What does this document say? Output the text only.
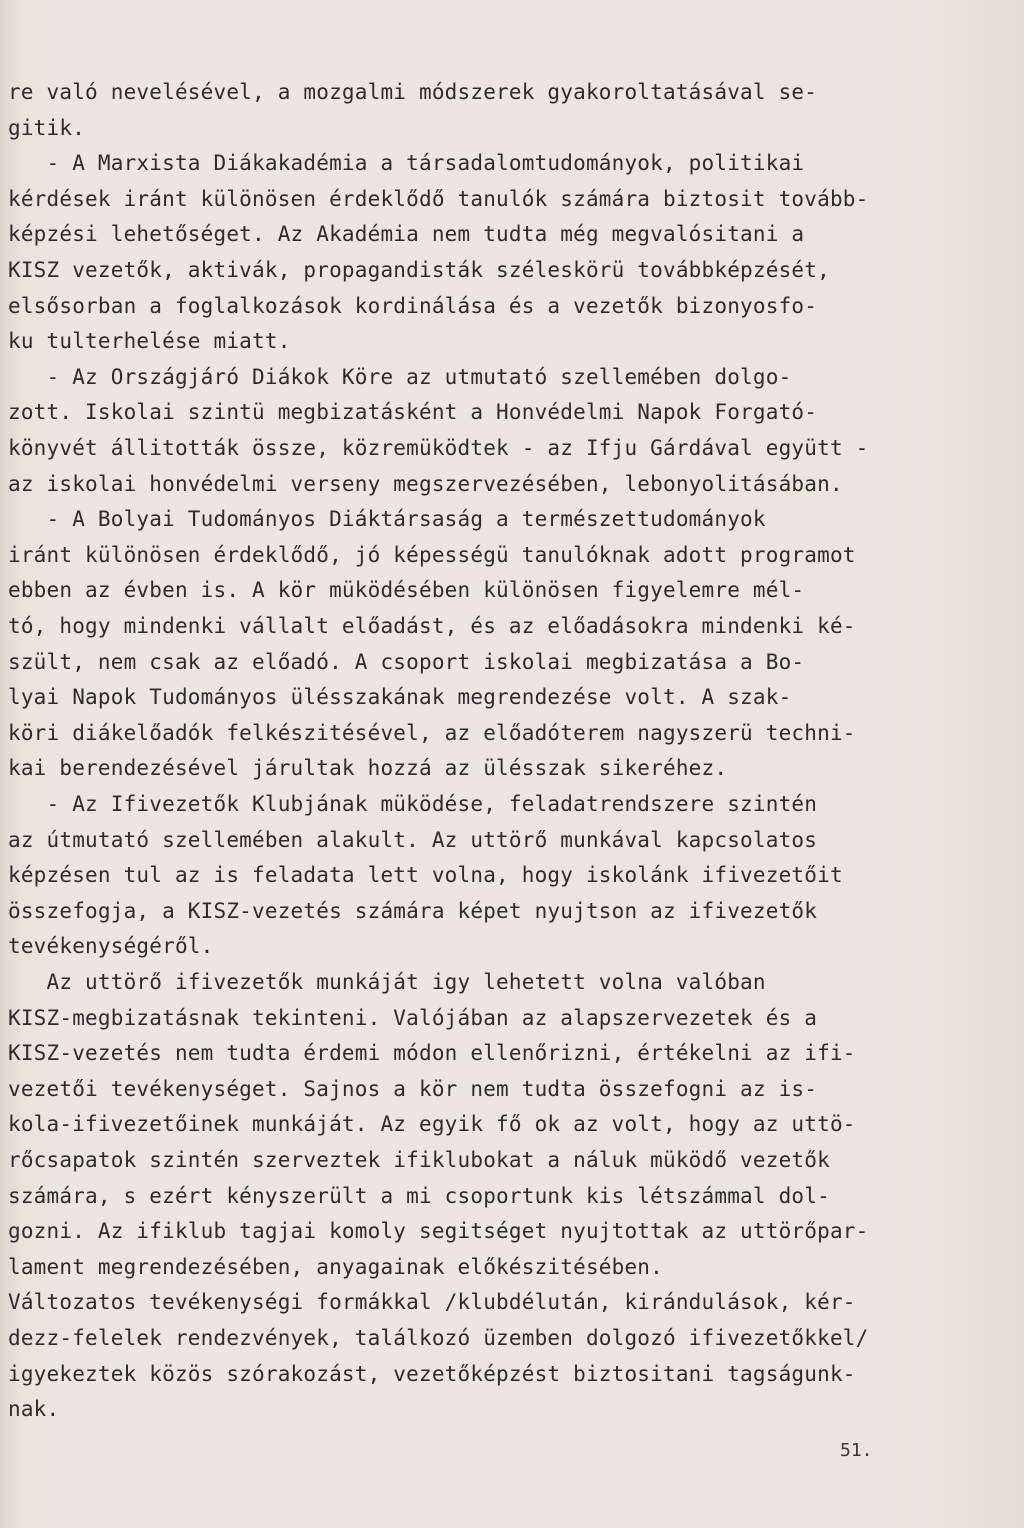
re való nevelésével, a mozgalmi módszerek gyakoroltatásával se-
gitik.
- A Marxista Diákakadémia a társadalomtudományok, politikai
kérdések iránt különösen érdeklődő tanulók számára biztosit tovább-
képzési lehetőséget. Az Akadémia nem tudta még megvalósitani a
KISZ vezetők, aktivák, propagandisták széleskörü továbbképzését,
elsősorban a foglalkozások kordinálása és a vezetők bizonyosfo-
ku tulterhelése miatt.
- Az Országjáró Diákok Köre az utmutató szellemében dolgo-
zott. Iskolai szintü megbizatásként a Honvédelmi Napok Forgató-
könyvét állitották össze, közremüködtek - az Ifju Gárdával együtt -
az iskolai honvédelmi verseny megszervezésében, lebonyolitásában.
- A Bolyai Tudományos Diáktársaság a természettudományok
iránt különösen érdeklődő, jó képességü tanulóknak adott programot
ebben az évben is. A kör müködésében különösen figyelemre mél-
tó, hogy mindenki vállalt előadást, és az előadásokra mindenki ké-
szült, nem csak az előadó. A csoport iskolai megbizatása a Bo-
lyai Napok Tudományos ülésszakának megrendezése volt. A szak-
köri diákelőadók felkészitésével, az előadóterem nagyszerü techni-
kai berendezésével járultak hozzá az ülésszak sikeréhez.
- Az Ifivezetők Klubjának müködése, feladatrendszere szintén
az útmutató szellemében alakult. Az uttörő munkával kapcsolatos
képzésen tul az is feladata lett volna, hogy iskolánk ifivezetőit
összefogja, a KISZ-vezetés számára képet nyujtson az ifivezetők
tevékenységéről.
Az uttörő ifivezetők munkáját igy lehetett volna valóban
KISZ-megbizatásnak tekinteni. Valójában az alapszervezetek és a
KISZ-vezetés nem tudta érdemi módon ellenőrizni, értékelni az ifi-
vezetői tevékenységet. Sajnos a kör nem tudta összefogni az is-
kola-ifivezetőinek munkáját. Az egyik fő ok az volt, hogy az uttö-
rőcsapatok szintén szerveztek ifiklubokat a náluk müködő vezetők
számára, s ezért kényszerült a mi csoportunk kis létszámmal dol-
gozni. Az ifiklub tagjai komoly segitséget nyujtottak az uttörőpar-
lament megrendezésében, anyagainak előkészitésében.
Változatos tevékenységi formákkal /klubdélután, kirándulások, kér-
dezz-felelek rendezvények, találkozó üzemben dolgozó ifivezetőkkel/
igyekeztek közös szórakozást, vezetőképzést biztositani tagságunk-
nak.
51.
